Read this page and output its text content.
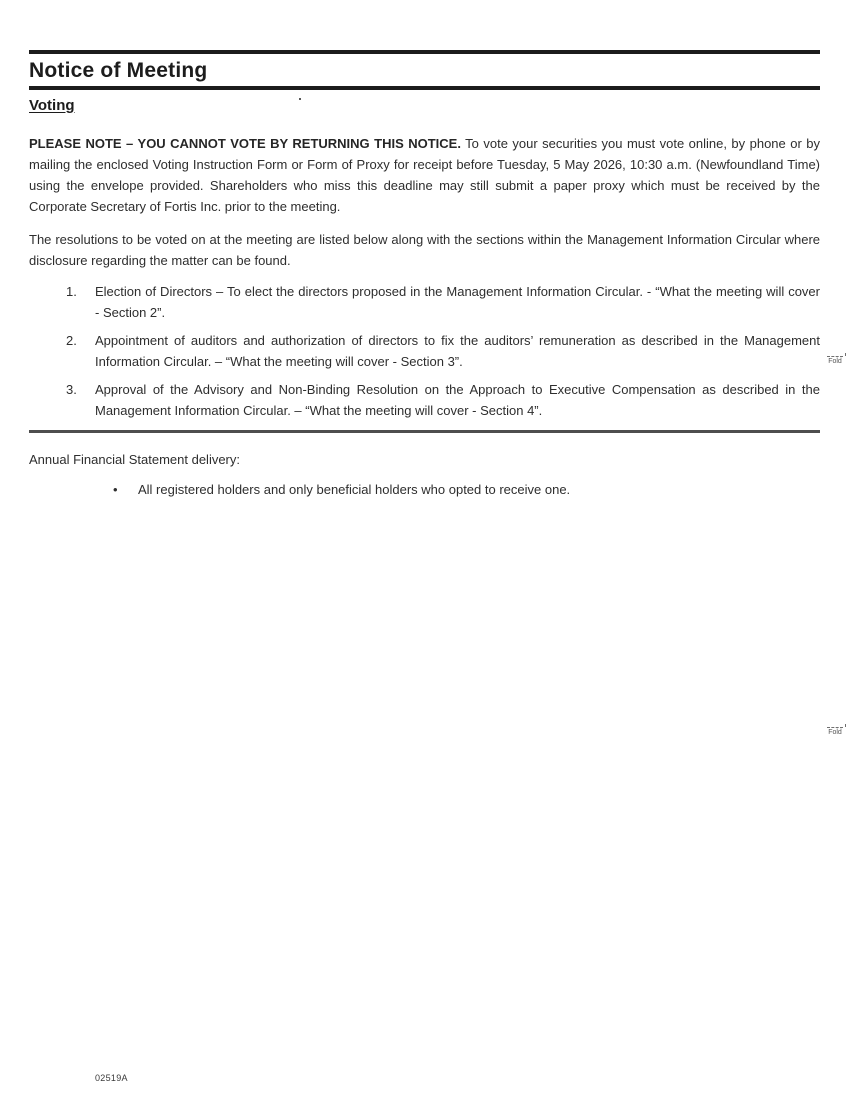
Notice of Meeting
Voting

PLEASE NOTE – YOU CANNOT VOTE BY RETURNING THIS NOTICE. To vote your securities you must vote online, by phone or by mailing the enclosed Voting Instruction Form or Form of Proxy for receipt before Tuesday, 5 May 2026, 10:30 a.m. (Newfoundland Time) using the envelope provided. Shareholders who miss this deadline may still submit a paper proxy which must be received by the Corporate Secretary of Fortis Inc. prior to the meeting.

The resolutions to be voted on at the meeting are listed below along with the sections within the Management Information Circular where disclosure regarding the matter can be found.

1. Election of Directors – To elect the directors proposed in the Management Information Circular. - “What the meeting will cover - Section 2”.
2. Appointment of auditors and authorization of directors to fix the auditors’ remuneration as described in the Management Information Circular. – “What the meeting will cover - Section 3”.
3. Approval of the Advisory and Non-Binding Resolution on the Approach to Executive Compensation as described in the Management Information Circular. – “What the meeting will cover - Section 4”.

Annual Financial Statement delivery:

• All registered holders and only beneficial holders who opted to receive one.
Fold
Fold
02519A
